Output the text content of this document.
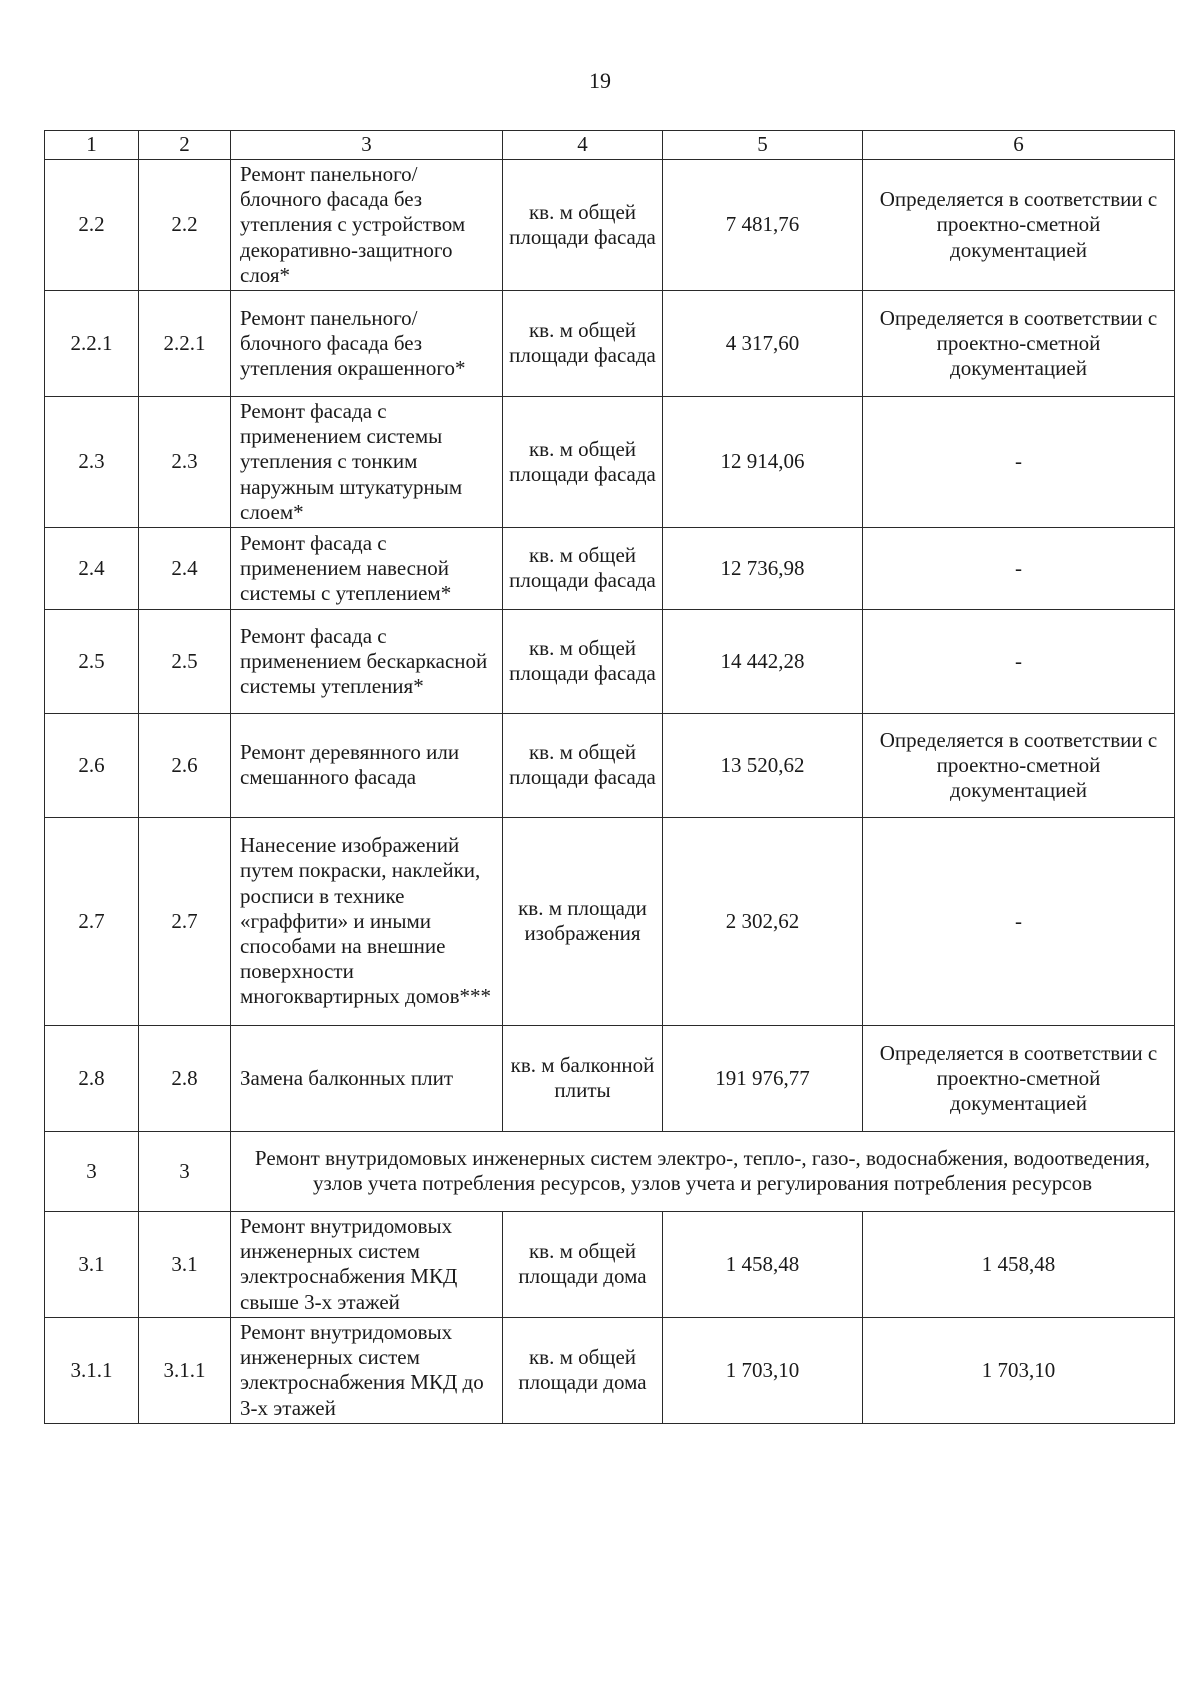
19
1	2	3	4	5	6
2.2	2.2	Ремонт панельного/блочного фасада без утепления с устройством декоративно-защитного слоя*	кв. м общей площади фасада	7 481,76	Определяется в соответствии с проектно-сметной документацией
2.2.1	2.2.1	Ремонт панельного/блочного фасада без утепления окрашенного*	кв. м общей площади фасада	4 317,60	Определяется в соответствии с проектно-сметной документацией
2.3	2.3	Ремонт фасада с применением системы утепления с тонким наружным штукатурным слоем*	кв. м общей площади фасада	12 914,06	-
2.4	2.4	Ремонт фасада с применением навесной системы с утеплением*	кв. м общей площади фасада	12 736,98	-
2.5	2.5	Ремонт фасада с применением бескаркасной системы утепления*	кв. м общей площади фасада	14 442,28	-
2.6	2.6	Ремонт деревянного или смешанного фасада	кв. м общей площади фасада	13 520,62	Определяется в соответствии с проектно-сметной документацией
2.7	2.7	Нанесение изображений путем покраски, наклейки, росписи в технике «граффити» и иными способами на внешние поверхности многоквартирных домов***	кв. м площади изображения	2 302,62	-
2.8	2.8	Замена балконных плит	кв. м балконной плиты	191 976,77	Определяется в соответствии с проектно-сметной документацией
3	3	Ремонт внутридомовых инженерных систем электро-, тепло-, газо-, водоснабжения, водоотведения, узлов учета потребления ресурсов, узлов учета и регулирования потребления ресурсов			
3.1	3.1	Ремонт внутридомовых инженерных систем электроснабжения МКД свыше 3-х этажей	кв. м общей площади дома	1 458,48	1 458,48
3.1.1	3.1.1	Ремонт внутридомовых инженерных систем электроснабжения МКД до 3-х этажей	кв. м общей площади дома	1 703,10	1 703,10
